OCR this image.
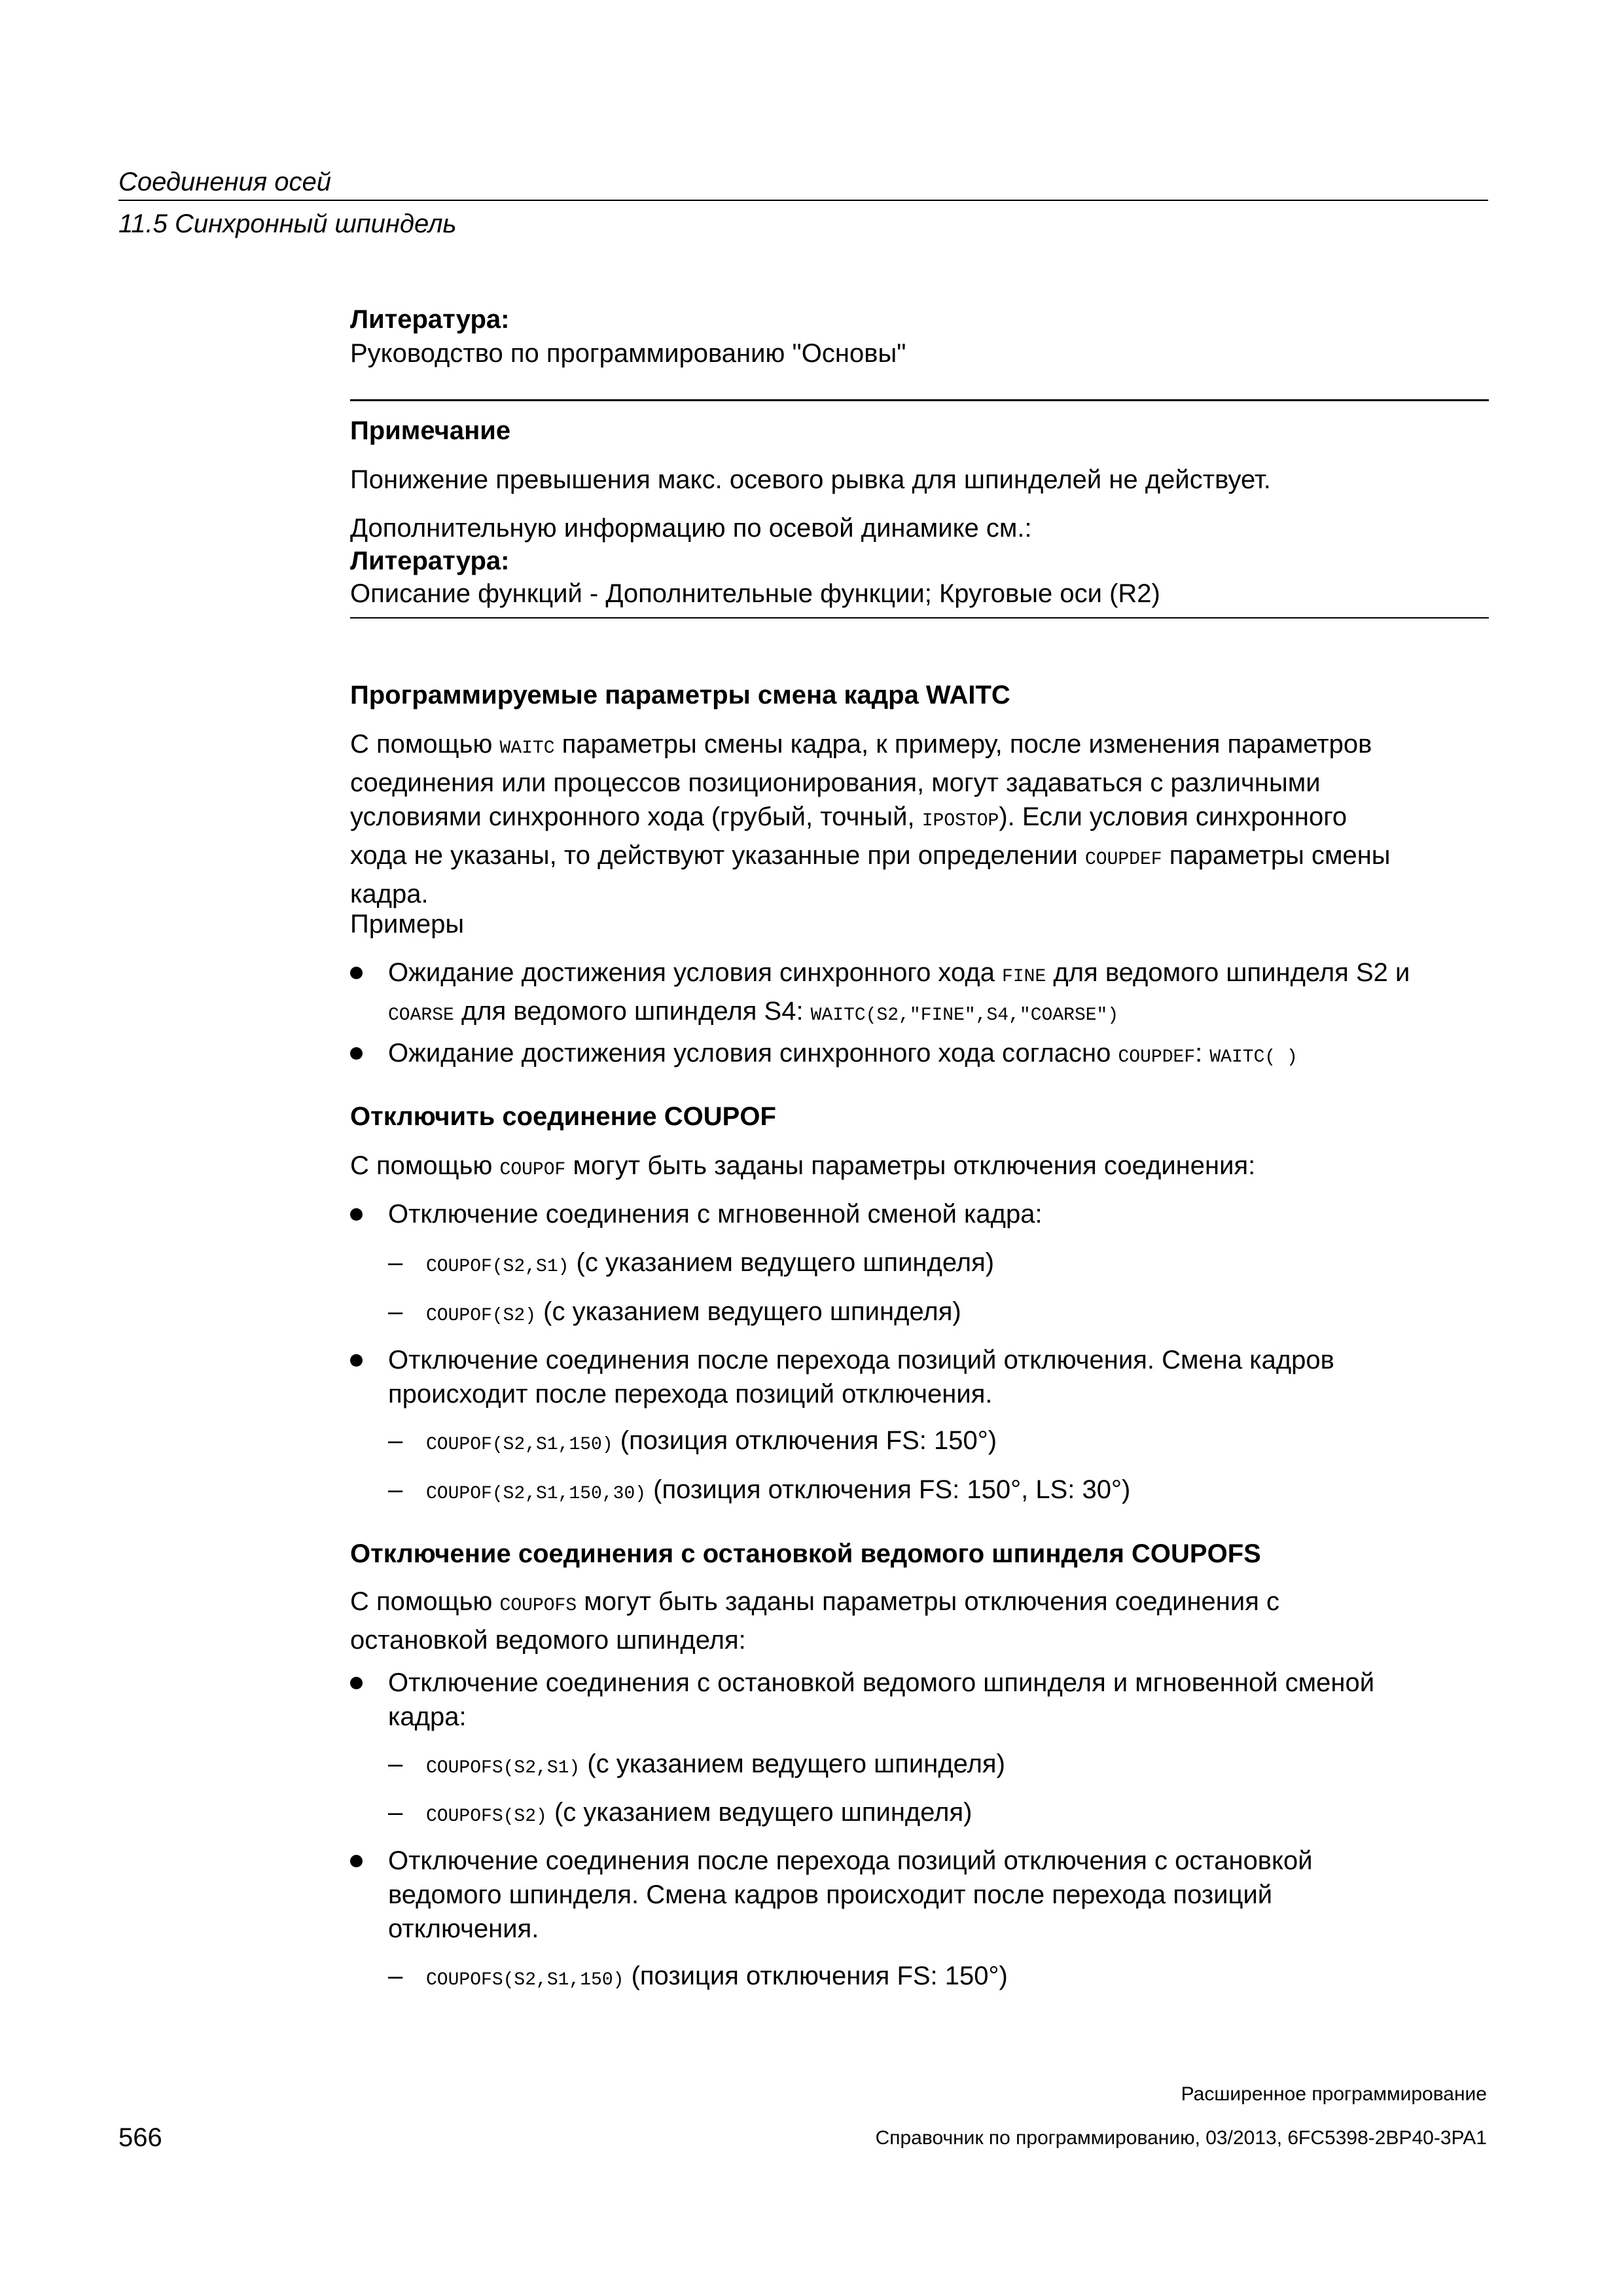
Соединения осей
11.5 Синхронный шпиндель
Литература:
Руководство по программированию "Основы"
Примечание
Понижение превышения макс. осевого рывка для шпинделей не действует.
Дополнительную информацию по осевой динамике см.:
Литература:
Описание функций - Дополнительные функции; Круговые оси (R2)
Программируемые параметры смена кадра WAITC
С помощью WAITC параметры смены кадра, к примеру, после изменения параметров
соединения или процессов позиционирования, могут задаваться с различными
условиями синхронного хода (грубый, точный, IPOSTOP). Если условия синхронного
хода не указаны, то действуют указанные при определении COUPDEF параметры смены
кадра.
Примеры
Ожидание достижения условия синхронного хода FINE для ведомого шпинделя S2 и
COARSE для ведомого шпинделя S4: WAITC(S2,"FINE",S4,"COARSE")
Ожидание достижения условия синхронного хода согласно COUPDEF: WAITC( )
Отключить соединение COUPOF
С помощью COUPOF могут быть заданы параметры отключения соединения:
Отключение соединения с мгновенной сменой кадра:
– COUPOF(S2,S1) (с указанием ведущего шпинделя)
– COUPOF(S2) (с указанием ведущего шпинделя)
Отключение соединения после перехода позиций отключения. Смена кадров
происходит после перехода позиций отключения.
– COUPOF(S2,S1,150) (позиция отключения FS: 150°)
– COUPOF(S2,S1,150,30) (позиция отключения FS: 150°, LS: 30°)
Отключение соединения с остановкой ведомого шпинделя COUPOFS
С помощью COUPOFS могут быть заданы параметры отключения соединения с
остановкой ведомого шпинделя:
Отключение соединения с остановкой ведомого шпинделя и мгновенной сменой
кадра:
– COUPOFS(S2,S1) (с указанием ведущего шпинделя)
– COUPOFS(S2) (с указанием ведущего шпинделя)
Отключение соединения после перехода позиций отключения с остановкой
ведомого шпинделя. Смена кадров происходит после перехода позиций
отключения.
– COUPOFS(S2,S1,150) (позиция отключения FS: 150°)
Расширенное программирование
566	Справочник по программированию, 03/2013, 6FC5398-2BP40-3PA1
